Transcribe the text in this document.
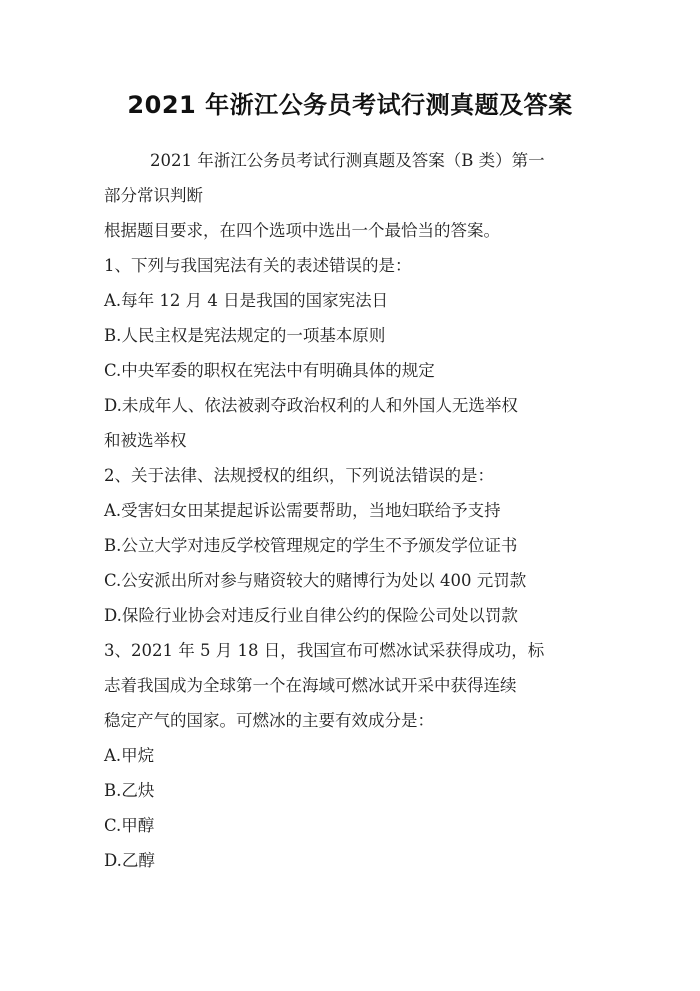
2021 年浙江公务员考试行测真题及答案
2021 年浙江公务员考试行测真题及答案（B 类）第一
部分常识判断
根据题目要求，在四个选项中选出一个最恰当的答案。
1、下列与我国宪法有关的表述错误的是：
A.每年 12 月 4 日是我国的国家宪法日
B.人民主权是宪法规定的一项基本原则
C.中央军委的职权在宪法中有明确具体的规定
D.未成年人、依法被剥夺政治权利的人和外国人无选举权
和被选举权
2、关于法律、法规授权的组织，下列说法错误的是：
A.受害妇女田某提起诉讼需要帮助，当地妇联给予支持
B.公立大学对违反学校管理规定的学生不予颁发学位证书
C.公安派出所对参与赌资较大的赌博行为处以 400 元罚款
D.保险行业协会对违反行业自律公约的保险公司处以罚款
3、2021 年 5 月 18 日，我国宣布可燃冰试采获得成功，标
志着我国成为全球第一个在海域可燃冰试开采中获得连续
稳定产气的国家。可燃冰的主要有效成分是：
A.甲烷
B.乙炔
C.甲醇
D.乙醇
